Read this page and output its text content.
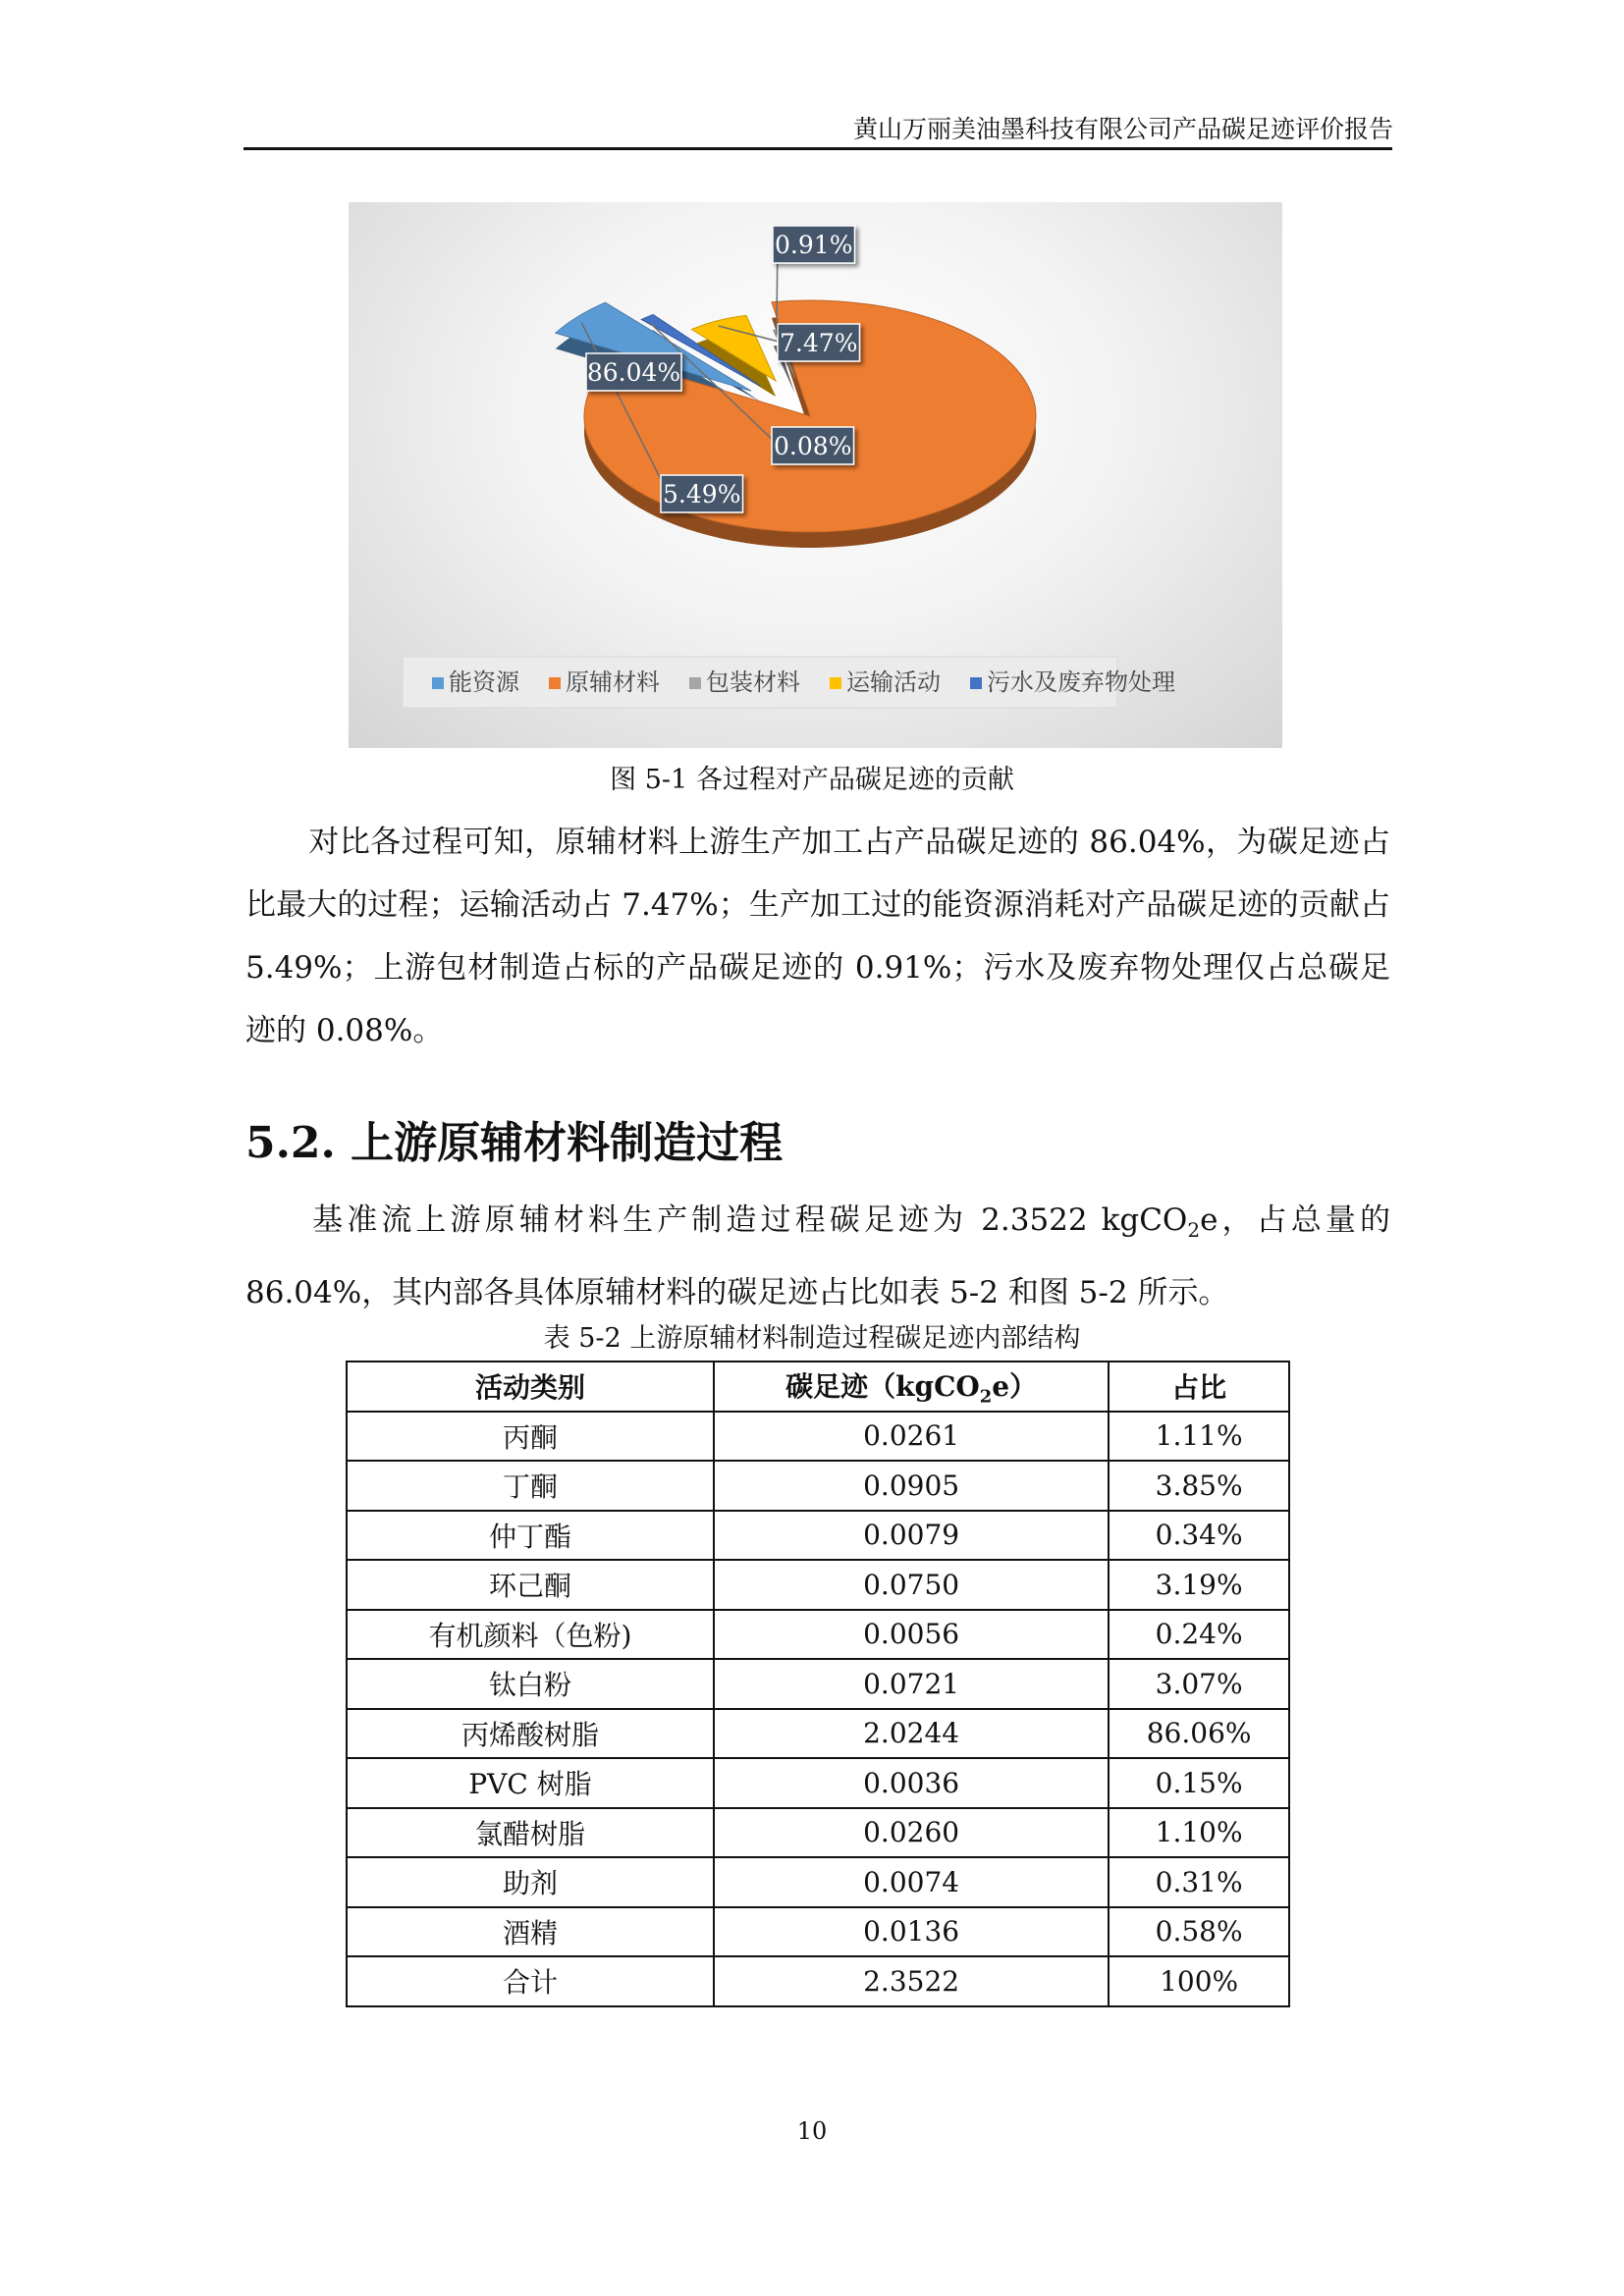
黄山万丽美油墨科技有限公司产品碳足迹评价报告
5.49%
0.08%
7.47%
0.91%
86.04%
能资源 原辅材料 包装材料 运输活动 污水及废弃物处理
图 5-1 各过程对产品碳足迹的贡献

对比各过程可知，原辅材料上游生产加工占产品碳足迹的 86.04%，为碳足迹占比最大的过程；运输活动占 7.47%；生产加工过的能资源消耗对产品碳足迹的贡献占 5.49%；上游包材制造占标的产品碳足迹的 0.91%；污水及废弃物处理仅占总碳足迹的 0.08%。

5.2. 上游原辅材料制造过程

基准流上游原辅材料生产制造过程碳足迹为 2.3522 kgCO$_2$e，占总量的 86.04%，其内部各具体原辅材料的碳足迹占比如表 5-2 和图 5-2 所示。

表 5-2 上游原辅材料制造过程碳足迹内部结构
活动类别	碳足迹（kgCO$_2$e）	占比
丙酮	0.0261	1.11%
丁酮	0.0905	3.85%
仲丁酯	0.0079	0.34%
环己酮	0.0750	3.19%
有机颜料（色粉)	0.0056	0.24%
钛白粉	0.0721	3.07%
丙烯酸树脂	2.0244	86.06%
PVC 树脂	0.0036	0.15%
氯醋树脂	0.0260	1.10%
助剂	0.0074	0.31%
酒精	0.0136	0.58%
合计	2.3522	100%
10
